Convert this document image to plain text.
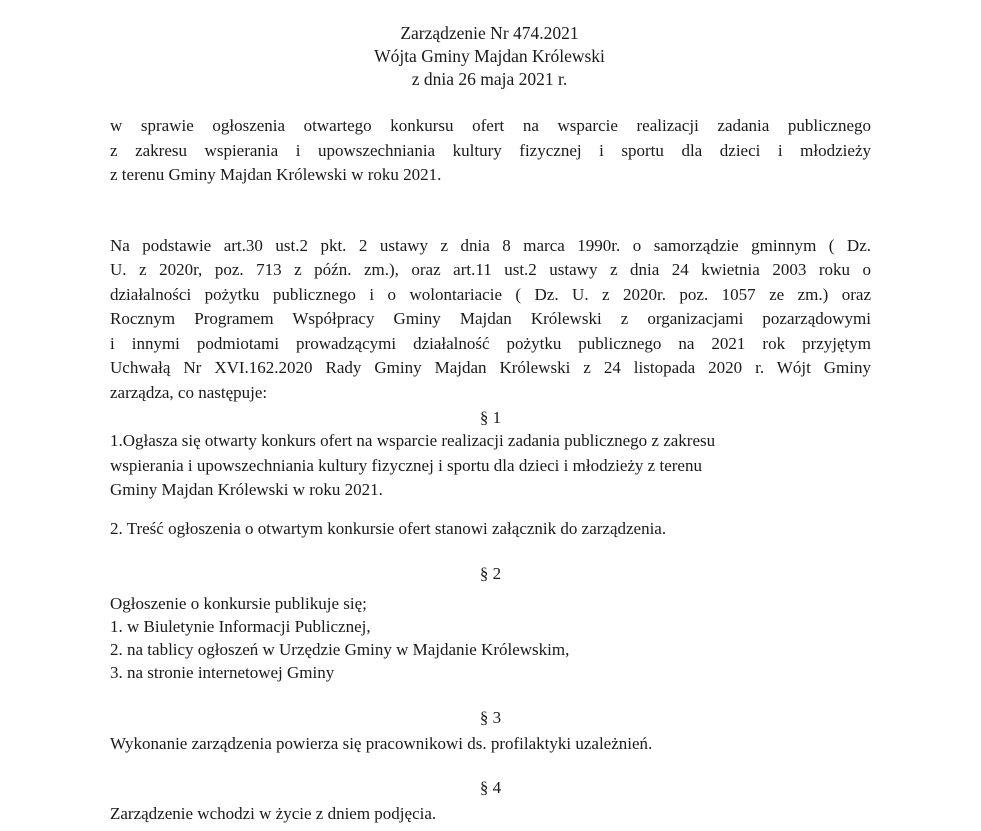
Zarządzenie Nr 474.2021
Wójta Gminy Majdan Królewski
z dnia 26 maja 2021 r.
w sprawie ogłoszenia otwartego konkursu ofert na wsparcie realizacji zadania publicznego
z zakresu wspierania i upowszechniania kultury fizycznej i sportu dla dzieci i młodzieży
z terenu Gminy Majdan Królewski w roku 2021.
Na podstawie art.30 ust.2 pkt. 2 ustawy z dnia 8 marca 1990r. o samorządzie gminnym ( Dz.
U. z 2020r, poz. 713 z późn. zm.), oraz art.11 ust.2 ustawy z dnia 24 kwietnia 2003 roku o
działalności pożytku publicznego i o wolontariacie ( Dz. U. z 2020r. poz. 1057 ze zm.) oraz
Rocznym Programem Współpracy Gminy Majdan Królewski z organizacjami pozarządowymi
i innymi podmiotami prowadzącymi działalność pożytku publicznego na 2021 rok przyjętym
Uchwałą Nr XVI.162.2020 Rady Gminy Majdan Królewski z 24 listopada 2020 r. Wójt Gminy
zarządza, co następuje:
§ 1
1.Ogłasza się otwarty konkurs ofert na wsparcie realizacji zadania publicznego z zakresu
wspierania i upowszechniania kultury fizycznej i sportu dla dzieci i młodzieży z terenu
Gminy Majdan Królewski w roku 2021.
2. Treść ogłoszenia o otwartym konkursie ofert stanowi załącznik do zarządzenia.
§ 2
Ogłoszenie o konkursie publikuje się;
1. w Biuletynie Informacji Publicznej,
2. na tablicy ogłoszeń w Urzędzie Gminy w Majdanie Królewskim,
3. na stronie internetowej Gminy
§ 3
Wykonanie zarządzenia powierza się pracownikowi ds. profilaktyki uzależnień.
§ 4
Zarządzenie wchodzi w życie z dniem podjęcia.
